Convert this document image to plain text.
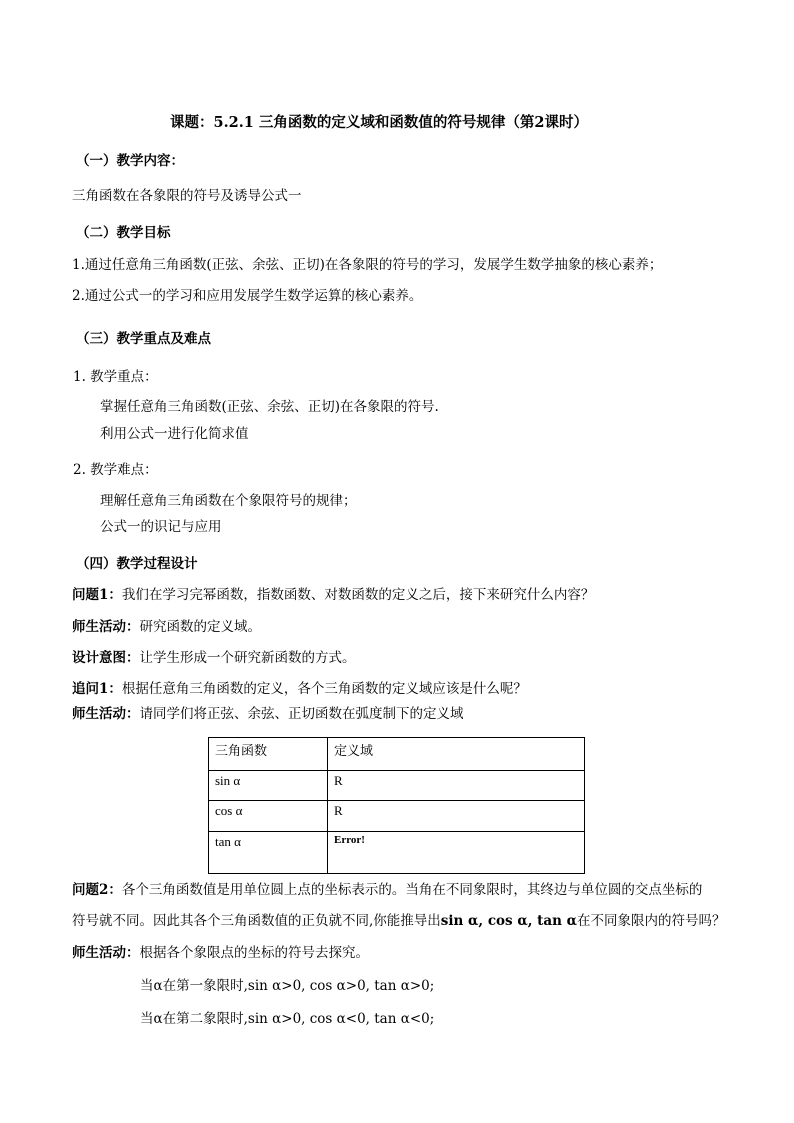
课题：5.2.1 三角函数的定义域和函数值的符号规律（第2课时）
（一）教学内容：
三角函数在各象限的符号及诱导公式一
（二）教学目标
1.通过任意角三角函数(正弦、余弦、正切)在各象限的符号的学习，发展学生数学抽象的核心素养；
2.通过公式一的学习和应用发展学生数学运算的核心素养。
（三）教学重点及难点
1. 教学重点：
掌握任意角三角函数(正弦、余弦、正切)在各象限的符号.
利用公式一进行化简求值
2. 教学难点：
理解任意角三角函数在个象限符号的规律；
公式一的识记与应用
（四）教学过程设计
问题1：我们在学习完幂函数，指数函数、对数函数的定义之后，接下来研究什么内容？
师生活动：研究函数的定义域。
设计意图：让学生形成一个研究新函数的方式。
追问1：根据任意角三角函数的定义，各个三角函数的定义域应该是什么呢？
师生活动：请同学们将正弦、余弦、正切函数在弧度制下的定义域
三角函数	定义域
sin α	R
cos α	R
tan α	Error!
问题2：各个三角函数值是用单位圆上点的坐标表示的。当角在不同象限时，其终边与单位圆的交点坐标的
符号就不同。因此其各个三角函数值的正负就不同,你能推导出sin α, cos α, tan α在不同象限内的符号吗？
师生活动：根据各个象限点的坐标的符号去探究。
当α在第一象限时,sin α>0, cos α>0, tan α>0;
当α在第二象限时,sin α>0, cos α<0, tan α<0;
